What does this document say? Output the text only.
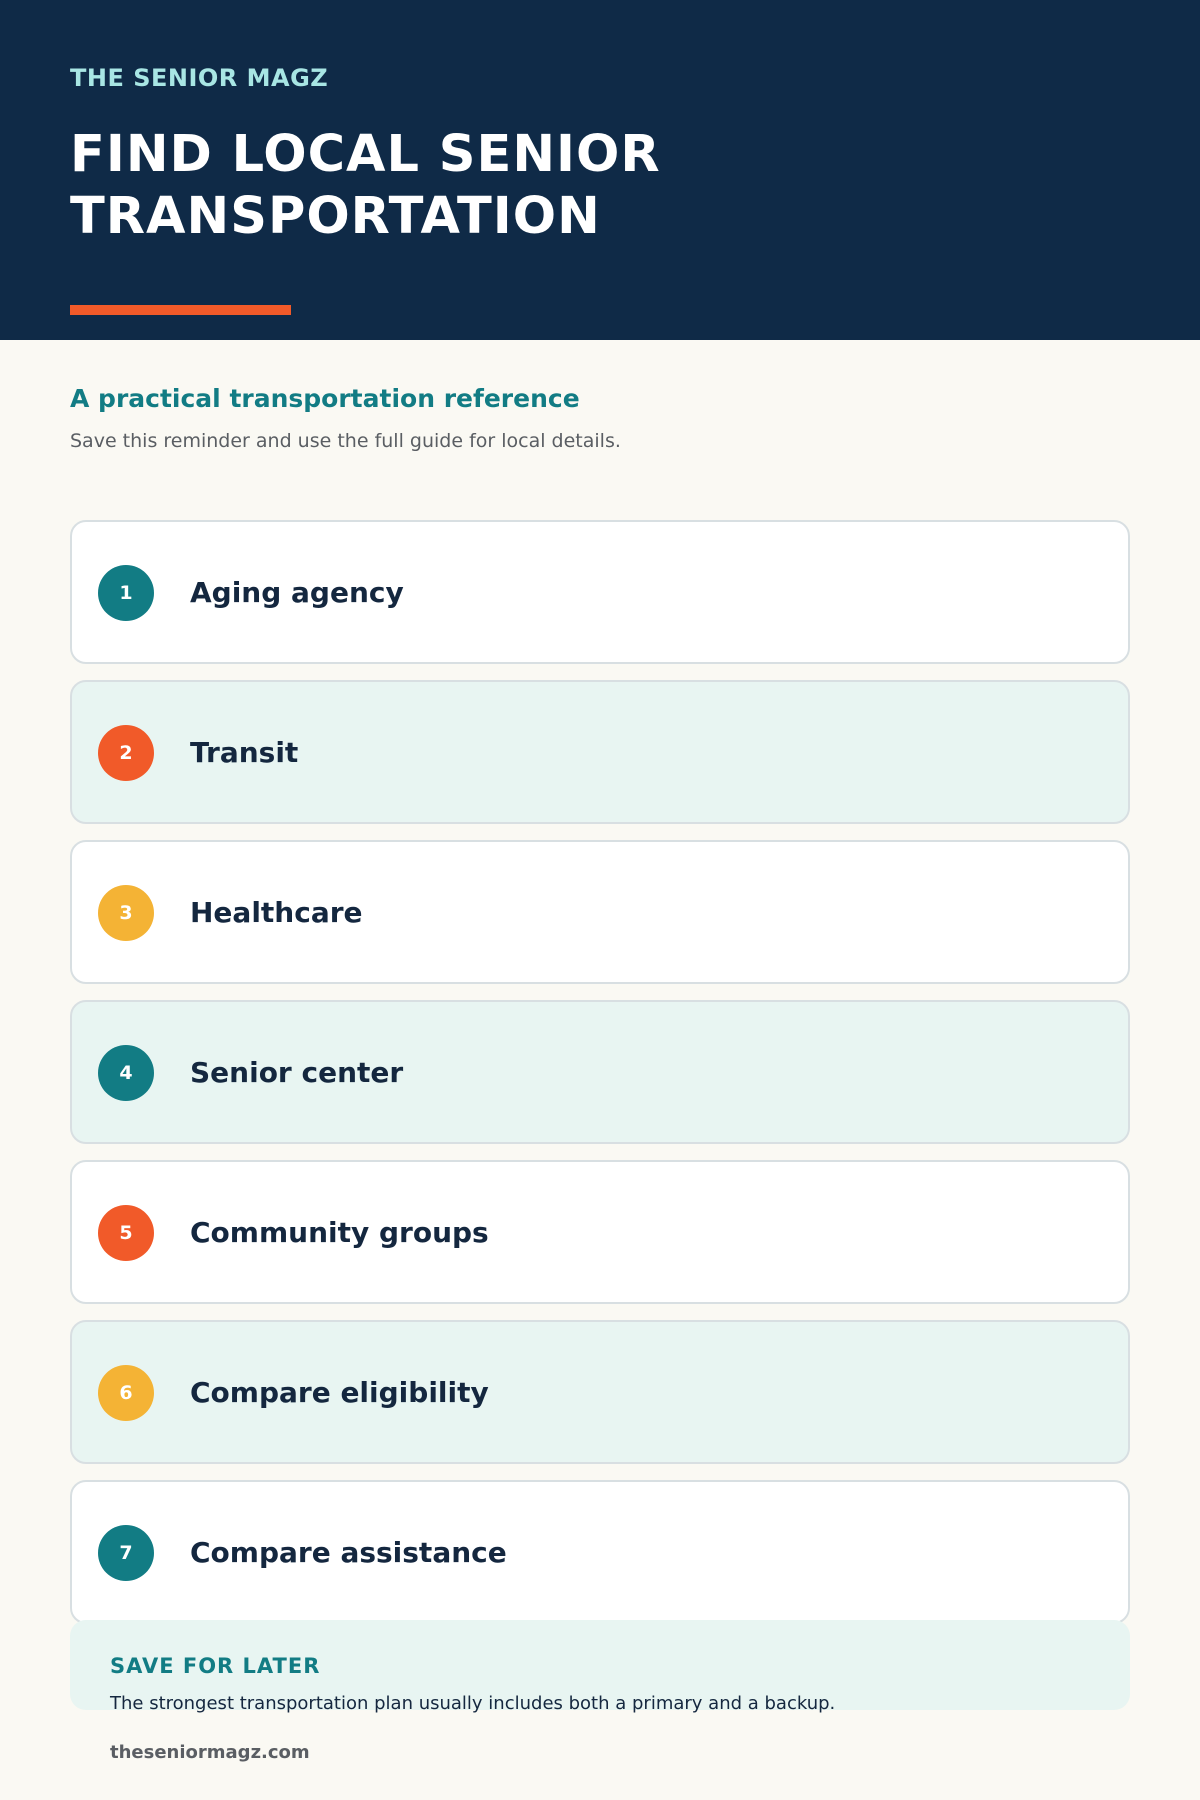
THE SENIOR MAGZ
FIND LOCAL SENIOR TRANSPORTATION
A practical transportation reference
Save this reminder and use the full guide for local details.
1	Aging agency
2	Transit
3	Healthcare
4	Senior center
5	Community groups
6	Compare eligibility
7	Compare assistance
SAVE FOR LATER
The strongest transportation plan usually includes both a primary and a backup.
theseniormagz.com
